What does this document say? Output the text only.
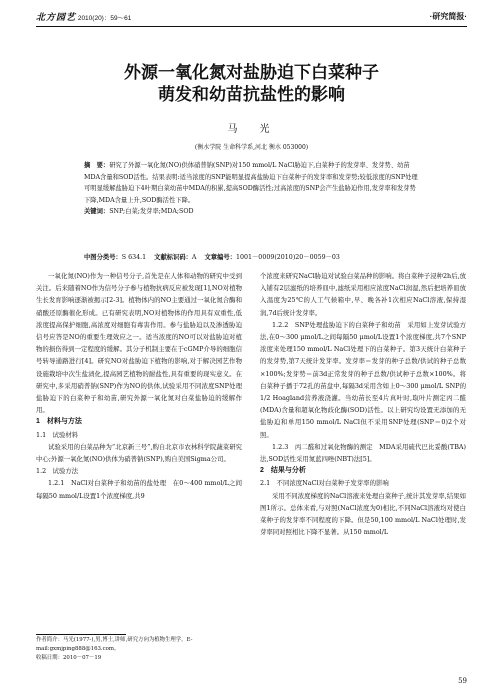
北方园艺 2010(20)：59～61	·研究简报·
外源一氧化氮对盐胁迫下白菜种子
萌发和幼苗抗盐性的影响
马　光
(衡水学院 生命科学系,河北 衡水 053000)
摘　要：研究了外源一氧化氮(NO)供体硝普钠(SNP)对150 mmol/L NaCl胁迫下,白菜种子的发芽率、发芽势、幼苗MDA含量和SOD活性。结果表明:适当浓度的SNP能明显提高盐胁迫下白菜种子的发芽率和发芽势;较低浓度的SNP处理可明显缓解盐胁迫下4叶期白菜幼苗中MDA的积累,提高SOD酶活性;过高浓度的SNP会产生盐胁迫作用,发芽率和发芽势下降,MDA含量上升,SOD酶活性下降。
关键词：SNP;白菜;发芽率;MDA;SOD
中图分类号：S 634.1 文献标识码：A 文章编号：1001－0009(2010)20－0059－03

一氧化氮(NO)作为一种信号分子,首先是在人体和动物的研究中受到关注。后来随着NO作为信号分子参与植物抗病反应被发现[1],NO对植物生长发育影响逐渐被揭示[2-3]。植物体内的NO主要通过一氧化氮合酶和硝酸还原酶催化形成。已有研究表明,NO对植物体的作用具有双重性,低浓度提高保护细胞,高浓度对细胞有毒害作用。参与盐胁迫以及渗透胁迫信号应答是NO的重要生理效应之一。适当浓度的NO可以对盐胁迫对植物的损伤得到一定程度的缓解。其分子机制主要在于cGMP介导的细胞信号转导通路进行[4]。研究NO对盐胁迫下植物的影响,对于解决园艺作物设施栽培中次生盐渍化,提高园艺植物的耐盐性,具有重要的现实意义。在研究中,多采用硝普钠(SNP)作为NO的供体,试验采用不同浓度SNP处理盐胁迫下的白菜种子和幼苗,研究外源一氧化氮对白菜盐胁迫的缓解作用。

1　材料与方法

1.1　试验材料

试验采用的白菜品种为“北京新三号”,购自北京市农林科学院蔬菜研究中心;外源一氧化氮(NO)供体为硝普钠(SNP),购自美国Sigma公司。

1.2　试验方法

1.2.1　NaCl对白菜种子和幼苗的盐处理　在0～400 mmol/L之间每隔50 mmol/L设置1个浓度梯度,共9

个浓度来研究NaCl胁迫对试验白菜品种的影响。将白菜种子浸种2h后,放入铺有2层滤纸的培养皿中,滤纸采用相应浓度NaCl润湿,然后把培养皿放入温度为25℃的人工气候箱中,早、晚各补1次相应NaCl溶液,保持湿润,7d后统计发芽率。

1.2.2　SNP处理盐胁迫下的白菜种子和幼苗　采用如上发芽试验方法,在0～300 μmol/L之间每隔50 μmol/L设置1个浓度梯度,共7个SNP浓度来处理150 mmol/L NaCl处理下的白菜种子。第3天统计白菜种子的发芽势,第7天统计发芽率。发芽率＝发芽的种子总数/供试的种子总数×100%;发芽势＝前3d正常发芽的种子总数/供试种子总数×100%。将白菜种子播于72孔的苗盘中,每隔3d采用含如上0～300 μmol/L SNP的1/2 Hoagland营养液浇灌。当幼苗长至4片真叶时,取叶片测定丙二醛(MDA)含量和超氧化物歧化酶(SOD)活性。以上研究均设置无添加的无盐胁迫和单用150 mmol/L NaCl但不采用SNP处理(SNP＝0)2个对照。

1.2.3　丙二醛和过氧化物酶的测定　MDA采用硫代巴比妥酸(TBA)法,SOD活性采用氮蓝四唑(NBT)法[5]。

2　结果与分析

2.1　不同浓度NaCl对白菜种子发芽率的影响

采用不同浓度梯度的NaCl溶液来处理白菜种子,统计其发芽率,结果如图1所示。总体来看,与对照(NaCl浓度为0)相比,不同NaCl溶液均对使白菜种子的发芽率不同程度的下降。但是50,100 mmol/L NaCl处理时,发芽率同对照相比下降不显著。从150 mmol/L

作者简介：马光(1977-),男,博士,讲师,研究方向为植物生理学。E-mail:gxmjping888@163.com。
收稿日期：2010－07－19
59
